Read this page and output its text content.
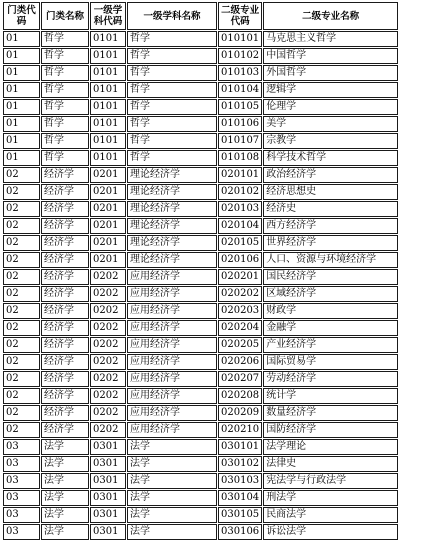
门类代码	门类名称	一级学科代码	一级学科名称	二级专业代码	二级专业名称
01	哲学	0101	哲学	010101	马克思主义哲学
01	哲学	0101	哲学	010102	中国哲学
01	哲学	0101	哲学	010103	外国哲学
01	哲学	0101	哲学	010104	逻辑学
01	哲学	0101	哲学	010105	伦理学
01	哲学	0101	哲学	010106	美学
01	哲学	0101	哲学	010107	宗教学
01	哲学	0101	哲学	010108	科学技术哲学
02	经济学	0201	理论经济学	020101	政治经济学
02	经济学	0201	理论经济学	020102	经济思想史
02	经济学	0201	理论经济学	020103	经济史
02	经济学	0201	理论经济学	020104	西方经济学
02	经济学	0201	理论经济学	020105	世界经济学
02	经济学	0201	理论经济学	020106	人口、资源与环境经济学
02	经济学	0202	应用经济学	020201	国民经济学
02	经济学	0202	应用经济学	020202	区域经济学
02	经济学	0202	应用经济学	020203	财政学
02	经济学	0202	应用经济学	020204	金融学
02	经济学	0202	应用经济学	020205	产业经济学
02	经济学	0202	应用经济学	020206	国际贸易学
02	经济学	0202	应用经济学	020207	劳动经济学
02	经济学	0202	应用经济学	020208	统计学
02	经济学	0202	应用经济学	020209	数量经济学
02	经济学	0202	应用经济学	020210	国防经济学
03	法学	0301	法学	030101	法学理论
03	法学	0301	法学	030102	法律史
03	法学	0301	法学	030103	宪法学与行政法学
03	法学	0301	法学	030104	刑法学
03	法学	0301	法学	030105	民商法学
03	法学	0301	法学	030106	诉讼法学
